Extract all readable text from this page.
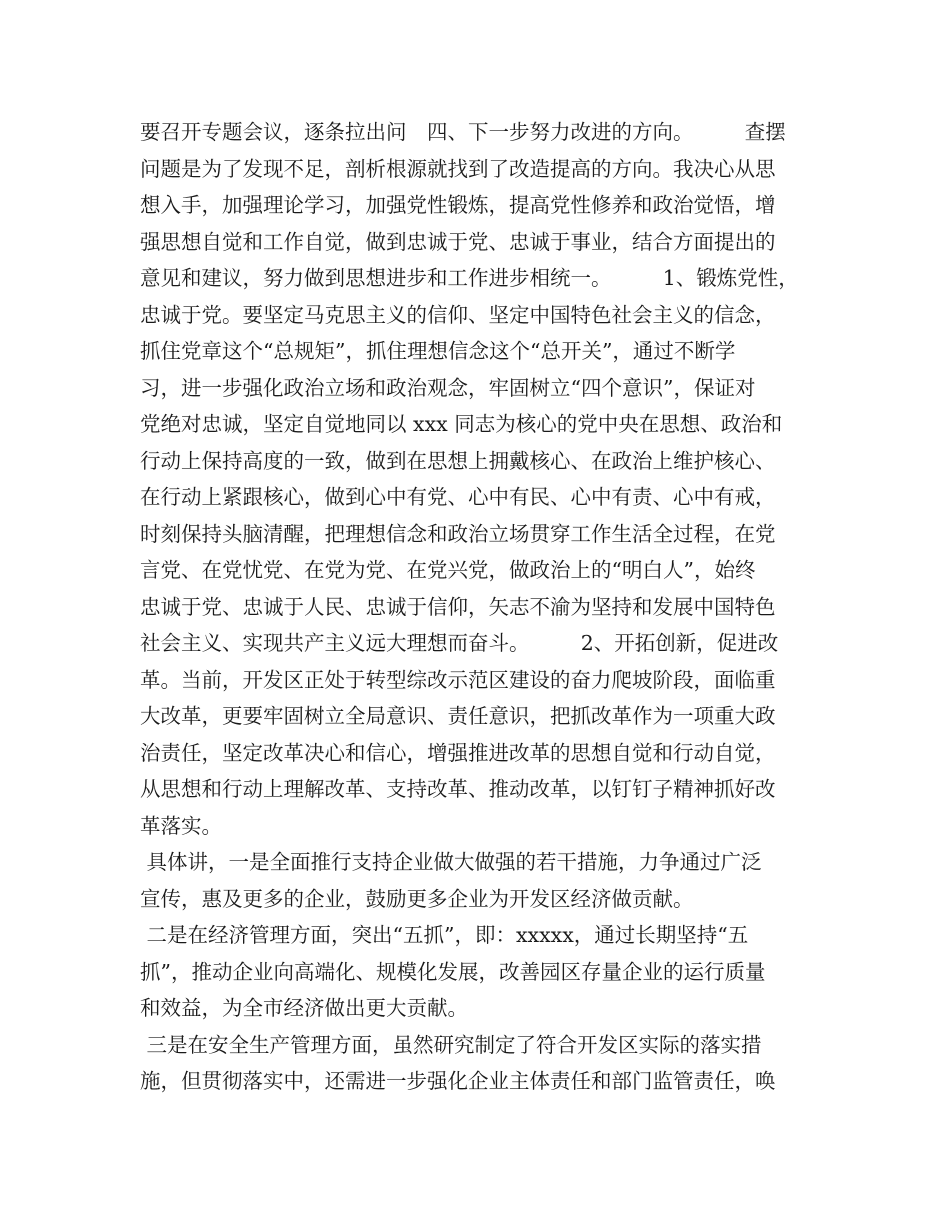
要召开专题会议，逐条拉出问　四、下一步努力改进的方向。　　　查摆
问题是为了发现不足，剖析根源就找到了改造提高的方向。我决心从思
想入手，加强理论学习，加强党性锻炼，提高党性修养和政治觉悟，增
强思想自觉和工作自觉，做到忠诚于党、忠诚于事业，结合方面提出的
意见和建议，努力做到思想进步和工作进步相统一。　　　1、锻炼党性，
忠诚于党。要坚定马克思主义的信仰、坚定中国特色社会主义的信念，
抓住党章这个“总规矩”，抓住理想信念这个“总开关”，通过不断学
习，进一步强化政治立场和政治观念，牢固树立“四个意识”，保证对
党绝对忠诚，坚定自觉地同以 xxx 同志为核心的党中央在思想、政治和
行动上保持高度的一致，做到在思想上拥戴核心、在政治上维护核心、
在行动上紧跟核心，做到心中有党、心中有民、心中有责、心中有戒，
时刻保持头脑清醒，把理想信念和政治立场贯穿工作生活全过程，在党
言党、在党忧党、在党为党、在党兴党，做政治上的“明白人”，始终
忠诚于党、忠诚于人民、忠诚于信仰，矢志不渝为坚持和发展中国特色
社会主义、实现共产主义远大理想而奋斗。　　　2、开拓创新，促进改
革。当前，开发区正处于转型综改示范区建设的奋力爬坡阶段，面临重
大改革，更要牢固树立全局意识、责任意识，把抓改革作为一项重大政
治责任，坚定改革决心和信心，增强推进改革的思想自觉和行动自觉，
从思想和行动上理解改革、支持改革、推动改革，以钉钉子精神抓好改
革落实。
具体讲，一是全面推行支持企业做大做强的若干措施，力争通过广泛
宣传，惠及更多的企业，鼓励更多企业为开发区经济做贡献。
二是在经济管理方面，突出“五抓”，即：xxxxx，通过长期坚持“五
抓”，推动企业向高端化、规模化发展，改善园区存量企业的运行质量
和效益，为全市经济做出更大贡献。
三是在安全生产管理方面，虽然研究制定了符合开发区实际的落实措
施，但贯彻落实中，还需进一步强化企业主体责任和部门监管责任，唤
